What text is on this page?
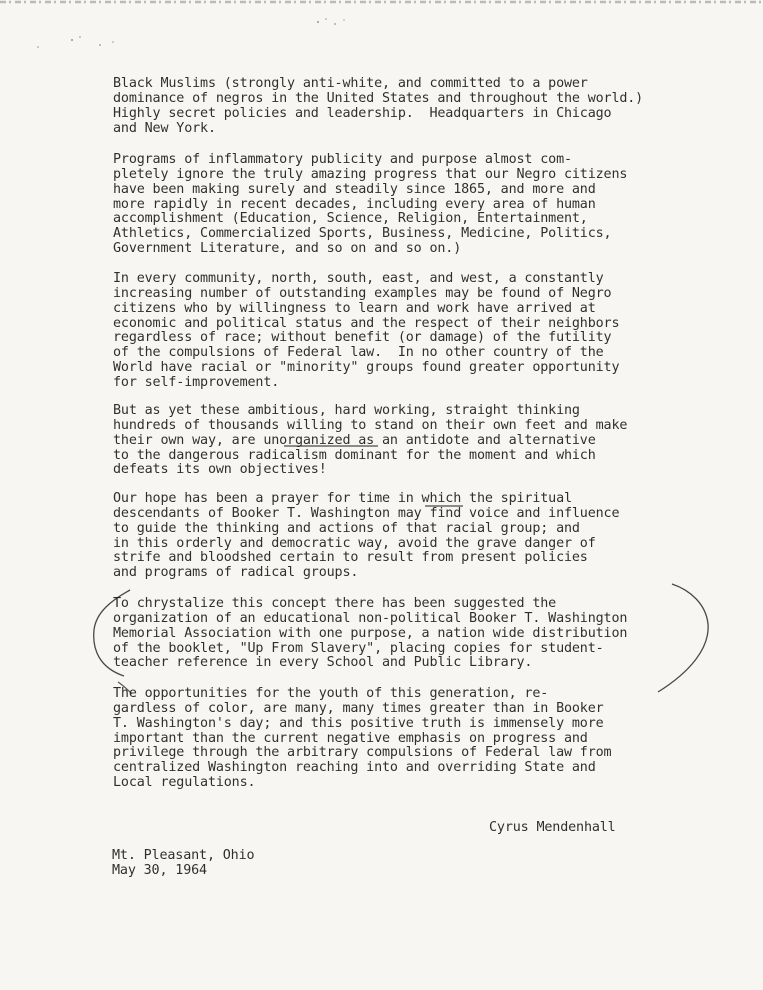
Black Muslims (strongly anti-white, and committed to a power
dominance of negros in the United States and throughout the world.)
Highly secret policies and leadership.  Headquarters in Chicago
and New York.

Programs of inflammatory publicity and purpose almost com-
pletely ignore the truly amazing progress that our Negro citizens
have been making surely and steadily since 1865, and more and
more rapidly in recent decades, including every area of human
accomplishment (Education, Science, Religion, Entertainment,
Athletics, Commercialized Sports, Business, Medicine, Politics,
Government Literature, and so on and so on.)

In every community, north, south, east, and west, a constantly
increasing number of outstanding examples may be found of Negro
citizens who by willingness to learn and work have arrived at
economic and political status and the respect of their neighbors
regardless of race; without benefit (or damage) of the futility
of the compulsions of Federal law.  In no other country of the
World have racial or "minority" groups found greater opportunity
for self-improvement.

But as yet these ambitious, hard working, straight thinking
hundreds of thousands willing to stand on their own feet and make
their own way, are unorganized as an antidote and alternative
to the dangerous radicalism dominant for the moment and which
defeats its own objectives!

Our hope has been a prayer for time in which the spiritual
descendants of Booker T. Washington may find voice and influence
to guide the thinking and actions of that racial group; and
in this orderly and democratic way, avoid the grave danger of
strife and bloodshed certain to result from present policies
and programs of radical groups.

To chrystalize this concept there has been suggested the
organization of an educational non-political Booker T. Washington
Memorial Association with one purpose, a nation wide distribution
of the booklet, "Up From Slavery", placing copies for student-
teacher reference in every School and Public Library.

The opportunities for the youth of this generation, re-
gardless of color, are many, many times greater than in Booker
T. Washington's day; and this positive truth is immensely more
important than the current negative emphasis on progress and
privilege through the arbitrary compulsions of Federal law from
centralized Washington reaching into and overriding State and
Local regulations.

Cyrus Mendenhall

Mt. Pleasant, Ohio
May 30, 1964
